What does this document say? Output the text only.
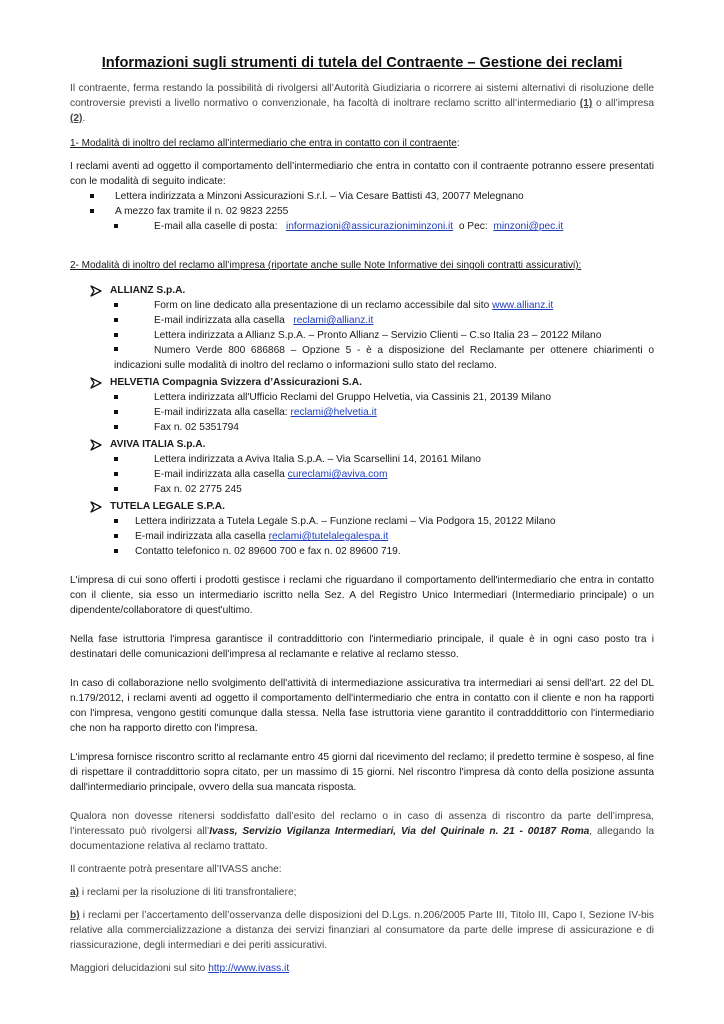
Informazioni sugli strumenti di tutela del Contraente – Gestione dei reclami

Il contraente, ferma restando la possibilità di rivolgersi all’Autorità Giudiziaria o ricorrere ai sistemi alternativi di risoluzione delle controversie previsti a livello normativo o convenzionale, ha facoltà di inoltrare reclamo scritto all’intermediario (1) o all’impresa (2).

1- Modalità di inoltro del reclamo all’intermediario che entra in contatto con il contraente:

I reclami aventi ad oggetto il comportamento dell’intermediario che entra in contatto con il contraente potranno essere presentati con le modalità di seguito indicate:

Lettera indirizzata a Minzoni Assicurazioni S.r.l. – Via Cesare Battisti 43, 20077 Melegnano
A mezzo fax tramite il n. 02 9823 2255
E-mail alla caselle di posta: informazioni@assicurazioniminzoni.it o Pec: minzoni@pec.it
2- Modalità di inoltro del reclamo all’impresa (riportate anche sulle Note Informative dei singoli contratti assicurativi):
ALLIANZ S.p.A.
Form on line dedicato alla presentazione di un reclamo accessibile dal sito www.allianz.it
E-mail indirizzata alla casella reclami@allianz.it
Lettera indirizzata a Allianz S.p.A. – Pronto Allianz – Servizio Clienti – C.so Italia 23 – 20122 Milano

Numero Verde 800 686868 – Opzione 5 - è a disposizione del Reclamante per ottenere chiarimenti o indicazioni sulle modalità di inoltro del reclamo o informazioni sullo stato del reclamo.

HELVETIA Compagnia Svizzera d’Assicurazioni S.A.
Lettera indirizzata all'Ufficio Reclami del Gruppo Helvetia, via Cassinis 21, 20139 Milano
E-mail indirizzata alla casella: reclami@helvetia.it
Fax n. 02 5351794
AVIVA ITALIA S.p.A.
Lettera indirizzata a Aviva Italia S.p.A. – Via Scarsellini 14, 20161 Milano
E-mail indirizzata alla casella cureclami@aviva.com
Fax n. 02 2775 245
TUTELA LEGALE S.P.A.
Lettera indirizzata a Tutela Legale S.p.A. – Funzione reclami – Via Podgora 15, 20122 Milano
E-mail indirizzata alla casella reclami@tutelalegalespa.it
Contatto telefonico n. 02 89600 700 e fax n. 02 89600 719.

L'impresa di cui sono offerti i prodotti gestisce i reclami che riguardano il comportamento dell'intermediario che entra in contatto con il cliente, sia esso un intermediario iscritto nella Sez. A del Registro Unico Intermediari (Intermediario principale) o un dipendente/collaboratore di quest'ultimo.

Nella fase istruttoria l'impresa garantisce il contraddittorio con l'intermediario principale, il quale è in ogni caso posto tra i destinatari delle comunicazioni dell'impresa al reclamante e relative al reclamo stesso.

In caso di collaborazione nello svolgimento dell'attività di intermediazione assicurativa tra intermediari ai sensi dell'art. 22 del DL n.179/2012, i reclami aventi ad oggetto il comportamento dell'intermediario che entra in contatto con il cliente e non ha rapporti con l'impresa, vengono gestiti comunque dalla stessa. Nella fase istruttoria viene garantito il contradddittorio con l'intermediario che non ha rapporto diretto con l'impresa.

L'impresa fornisce riscontro scritto al reclamante entro 45 giorni dal ricevimento del reclamo; il predetto termine è sospeso, al fine di rispettare il contraddittorio sopra citato, per un massimo di 15 giorni. Nel riscontro l'impresa dà conto della posizione assunta dall'intermediario principale, ovvero della sua mancata risposta.

Qualora non dovesse ritenersi soddisfatto dall’esito del reclamo o in caso di assenza di riscontro da parte dell’impresa, l’interessato può rivolgersi all’Ivass, Servizio Vigilanza Intermediari, Via del Quirinale n. 21 - 00187 Roma, allegando la documentazione relativa al reclamo trattato.

Il contraente potrà presentare all’IVASS anche:

a) i reclami per la risoluzione di liti transfrontaliere;

b) i reclami per l’accertamento dell’osservanza delle disposizioni del D.Lgs. n.206/2005 Parte III, Titolo III, Capo I, Sezione IV-bis relative alla commercializzazione a distanza dei servizi finanziari al consumatore da parte delle imprese di assicurazione e di riassicurazione, degli intermediari e dei periti assicurativi.

Maggiori delucidazioni sul sito http://www.ivass.it
